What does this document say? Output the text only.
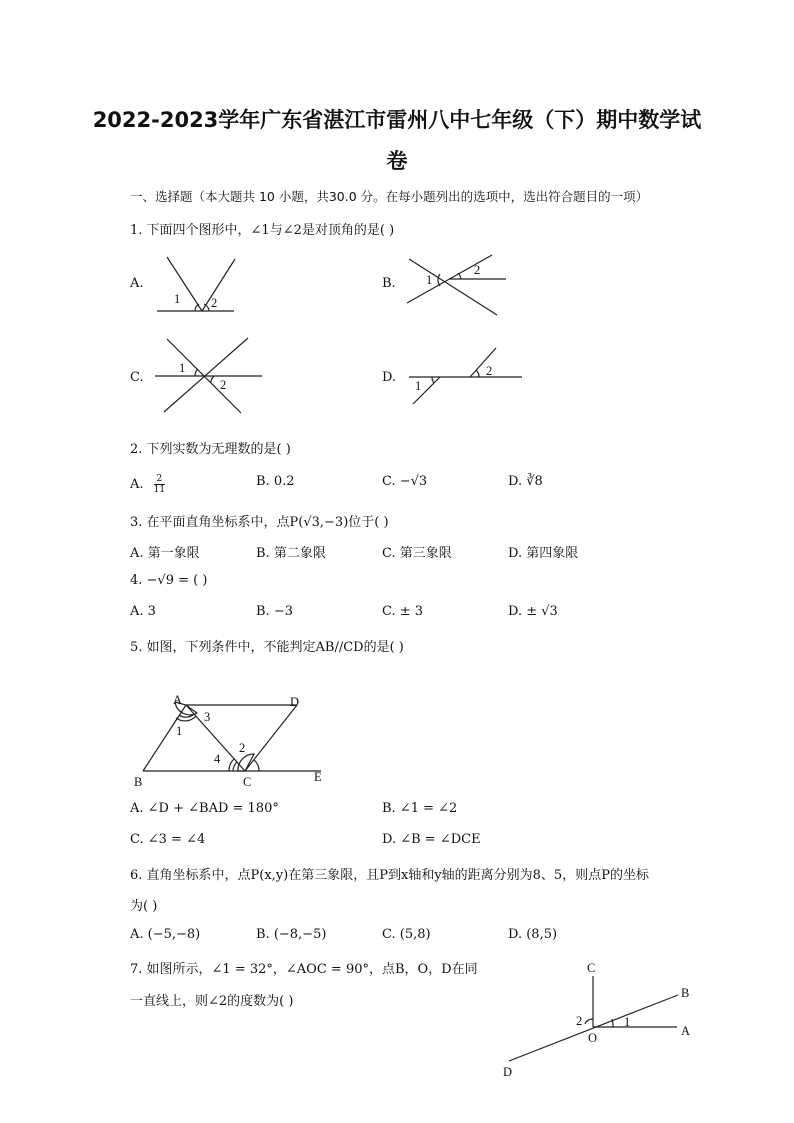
2022-2023学年广东省湛江市雷州八中七年级（下）期中数学试
卷
一、选择题（本大题共 10 小题，共30.0 分。在每小题列出的选项中，选出符合题目的一项）
1. 下面四个图形中，∠1与∠2是对顶角的是( )
A.	B.
C.	D.
1 2
1
2
1
2	1
2
A	D
B	C	E
1
2
3
4
C
B
A
O
D
1
2
2. 下列实数为无理数的是( )
A. $\frac{2}{11}$	B. 0.2	C. −√3	D. ∛8
3. 在平面直角坐标系中，点P(√3,−3)位于( )
A. 第一象限	B. 第二象限	C. 第三象限	D. 第四象限
4. −√9 = ( )
A. 3	B. −3	C. ± 3	D. ± √3
5. 如图，下列条件中，不能判定AB//CD的是( )
A. ∠D + ∠BAD = 180°	B. ∠1 = ∠2
C. ∠3 = ∠4	D. ∠B = ∠DCE
6. 直角坐标系中，点P(x,y)在第三象限，且P到x轴和y轴的距离分别为8、5，则点P的坐标
为( )
A. (−5,−8)	B. (−8,−5)	C. (5,8)	D. (8,5)
7. 如图所示，∠1 = 32°，∠AOC = 90°，点B，O，D在同
一直线上，则∠2的度数为( )
